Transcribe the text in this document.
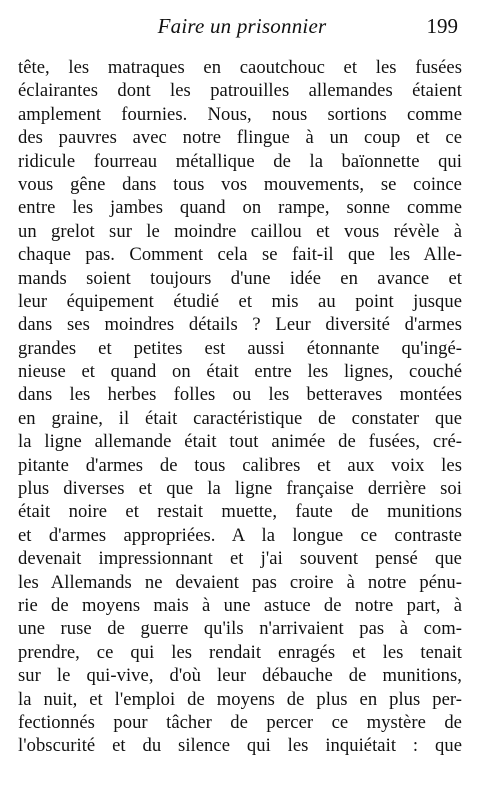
Faire un prisonnier	199
tête, les matraques en caoutchouc et les fusées
éclairantes dont les patrouilles allemandes étaient
amplement fournies. Nous, nous sortions comme
des pauvres avec notre flingue à un coup et ce
ridicule fourreau métallique de la baïonnette qui
vous gêne dans tous vos mouvements, se coince
entre les jambes quand on rampe, sonne comme
un grelot sur le moindre caillou et vous révèle à
chaque pas. Comment cela se fait-il que les Alle-
mands soient toujours d'une idée en avance et
leur équipement étudié et mis au point jusque
dans ses moindres détails ? Leur diversité d'armes
grandes et petites est aussi étonnante qu'ingé-
nieuse et quand on était entre les lignes, couché
dans les herbes folles ou les betteraves montées
en graine, il était caractéristique de constater que
la ligne allemande était tout animée de fusées, cré-
pitante d'armes de tous calibres et aux voix les
plus diverses et que la ligne française derrière soi
était noire et restait muette, faute de munitions
et d'armes appropriées. A la longue ce contraste
devenait impressionnant et j'ai souvent pensé que
les Allemands ne devaient pas croire à notre pénu-
rie de moyens mais à une astuce de notre part, à
une ruse de guerre qu'ils n'arrivaient pas à com-
prendre, ce qui les rendait enragés et les tenait
sur le qui-vive, d'où leur débauche de munitions,
la nuit, et l'emploi de moyens de plus en plus per-
fectionnés pour tâcher de percer ce mystère de
l'obscurité et du silence qui les inquiétait : que
